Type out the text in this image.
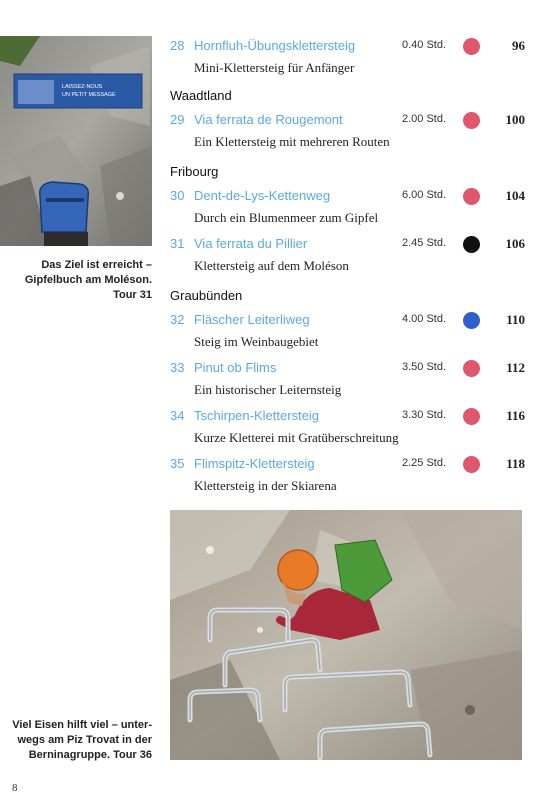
LAISSEZ-NOUS
UN PETIT MESSAGE
Das Ziel ist erreicht –
Gipfelbuch am Moléson.
Tour 31
28 Hornfluh-Übungsklettersteig	0.40 Std.	96
Mini-Klettersteig für Anfänger
Waadtland
29 Via ferrata de Rougemont	2.00 Std.	100
Ein Klettersteig mit mehreren Routen
Fribourg
30 Dent-de-Lys-Kettenweg	6.00 Std.	104
Durch ein Blumenmeer zum Gipfel
31 Via ferrata du Pillier	2.45 Std.	106
Klettersteig auf dem Moléson
Graubünden
32 Fläscher Leiterliweg	4.00 Std.	110
Steig im Weinbaugebiet
33 Pinut ob Flims	3.50 Std.	112
Ein historischer Leiternsteig
34 Tschirpen-Klettersteig	3.30 Std.	116
Kurze Kletterei mit Gratüberschreitung
35 Flimspitz-Klettersteig	2.25 Std.	118
Klettersteig in der Skiarena
Viel Eisen hilft viel – unter-
wegs am Piz Trovat in der
Berninagruppe. Tour 36
8
